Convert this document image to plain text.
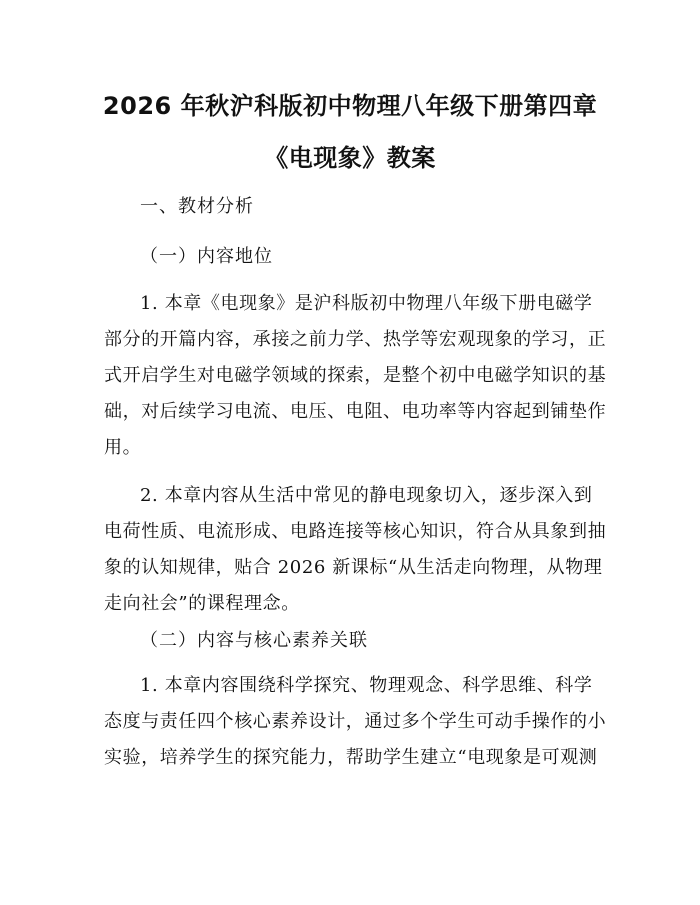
2026 年秋沪科版初中物理八年级下册第四章
《电现象》教案
一、教材分析
（一）内容地位
1. 本章《电现象》是沪科版初中物理八年级下册电磁学
部分的开篇内容，承接之前力学、热学等宏观现象的学习，正
式开启学生对电磁学领域的探索，是整个初中电磁学知识的基
础，对后续学习电流、电压、电阻、电功率等内容起到铺垫作
用。
2. 本章内容从生活中常见的静电现象切入，逐步深入到
电荷性质、电流形成、电路连接等核心知识，符合从具象到抽
象的认知规律，贴合 2026 新课标“从生活走向物理，从物理
走向社会”的课程理念。
（二）内容与核心素养关联
1. 本章内容围绕科学探究、物理观念、科学思维、科学
态度与责任四个核心素养设计，通过多个学生可动手操作的小
实验，培养学生的探究能力，帮助学生建立“电现象是可观测
